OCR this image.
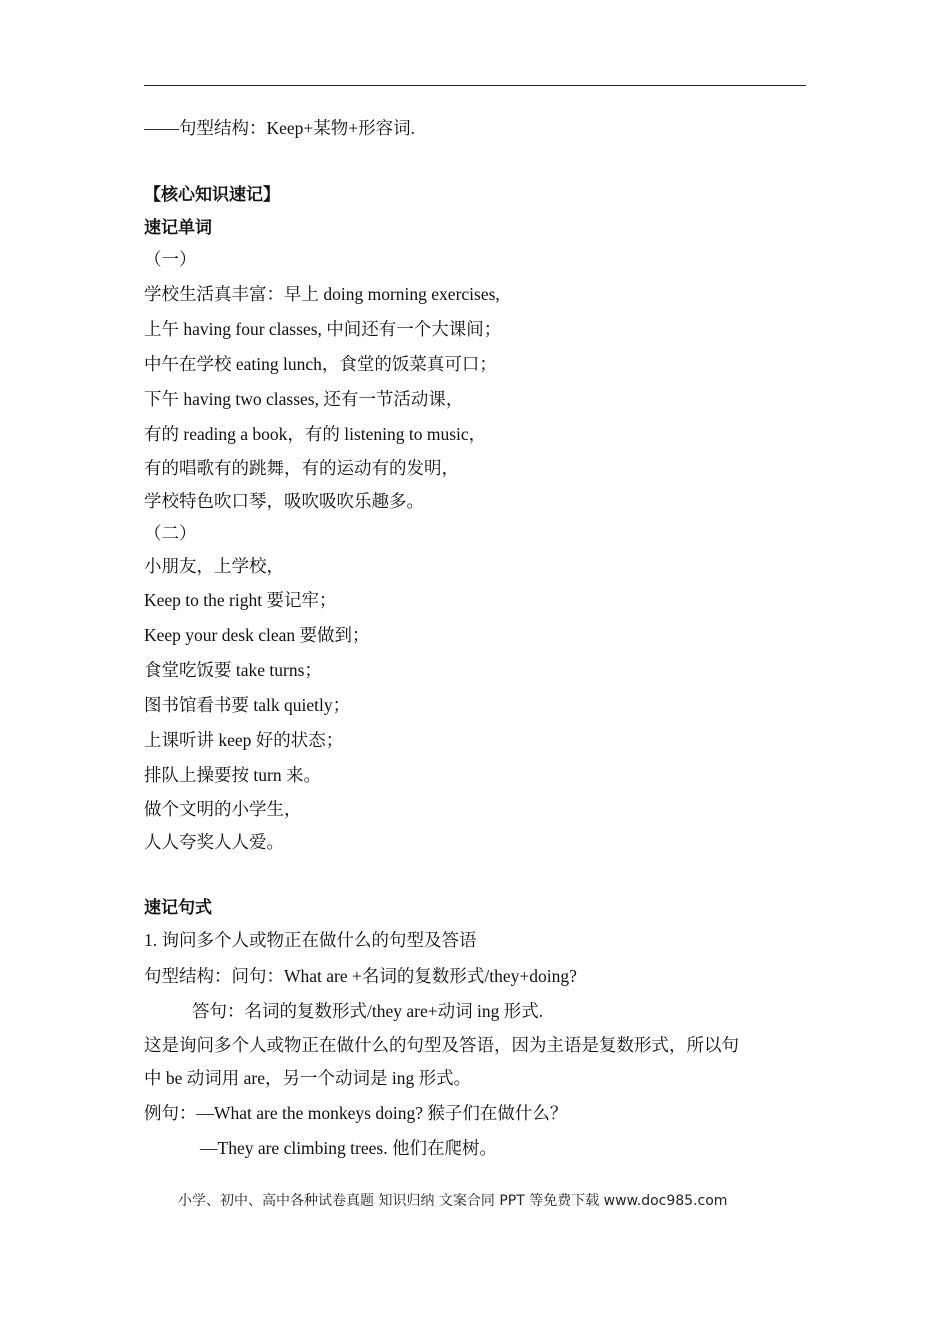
——句型结构：Keep+某物+形容词.
【核心知识速记】
速记单词
（一）
学校生活真丰富：早上 doing morning exercises,
上午 having four classes, 中间还有一个大课间；
中午在学校 eating lunch，食堂的饭菜真可口；
下午 having two classes, 还有一节活动课，
有的 reading a book，有的 listening to music，
有的唱歌有的跳舞，有的运动有的发明，
学校特色吹口琴，吸吹吸吹乐趣多。
（二）
小朋友，上学校，
Keep to the right 要记牢；
Keep your desk clean 要做到；
食堂吃饭要 take turns；
图书馆看书要 talk quietly；
上课听讲 keep 好的状态；
排队上操要按 turn 来。
做个文明的小学生，
人人夸奖人人爱。
速记句式
1. 询问多个人或物正在做什么的句型及答语
句型结构：问句：What are +名词的复数形式/they+doing?
答句：名词的复数形式/they are+动词 ing 形式.
这是询问多个人或物正在做什么的句型及答语，因为主语是复数形式，所以句
中 be 动词用 are，另一个动词是 ing 形式。
例句：—What are the monkeys doing? 猴子们在做什么？
—They are climbing trees. 他们在爬树。
小学、初中、高中各种试卷真题 知识归纳 文案合同 PPT 等免费下载 www.doc985.com
